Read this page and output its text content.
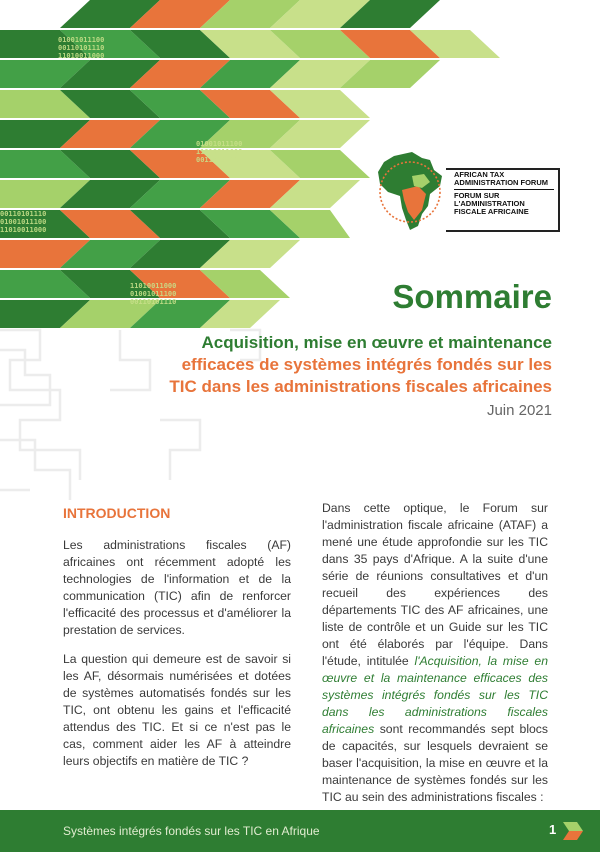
01001011100
00110101110
11010011000
01001011100
11010011000
00110101110
00110101110
01001011100
11010011000
11010011000
01001011100
00110101110
AFRICAN TAX ADMINISTRATION FORUM
FORUM SUR L'ADMINISTRATION FISCALE AFRICAINE
Sommaire

Acquisition, mise en œuvre et maintenance
efficaces de systèmes intégrés fondés sur les
TIC dans les administrations fiscales africaines

Juin 2021
INTRODUCTION

Les administrations fiscales (AF) africaines ont récemment adopté les technologies de l'information et de la communication (TIC) afin de renforcer l'efficacité des processus et d'améliorer la prestation de services.

La question qui demeure est de savoir si les AF, désormais numérisées et dotées de systèmes automatisés fondés sur les TIC, ont obtenu les gains et l'efficacité attendus des TIC. Et si ce n'est pas le cas, comment aider les AF à atteindre leurs objectifs en matière de TIC ?

Dans cette optique, le Forum sur l'administration fiscale africaine (ATAF) a mené une étude approfondie sur les TIC dans 35 pays d'Afrique. A la suite d'une série de réunions consultatives et d'un recueil des expériences des départements TIC des AF africaines, une liste de contrôle et un Guide sur les TIC ont été élaborés par l'équipe. Dans l'étude, intitulée l'Acquisition, la mise en œuvre et la maintenance efficaces des systèmes intégrés fondés sur les TIC dans les administrations fiscales africaines sont recommandés sept blocs de capacités, sur lesquels devraient se baser l'acquisition, la mise en œuvre et la maintenance de systèmes fondés sur les TIC au sein des administrations fiscales :

Systèmes intégrés fondés sur les TIC en Afrique	1
